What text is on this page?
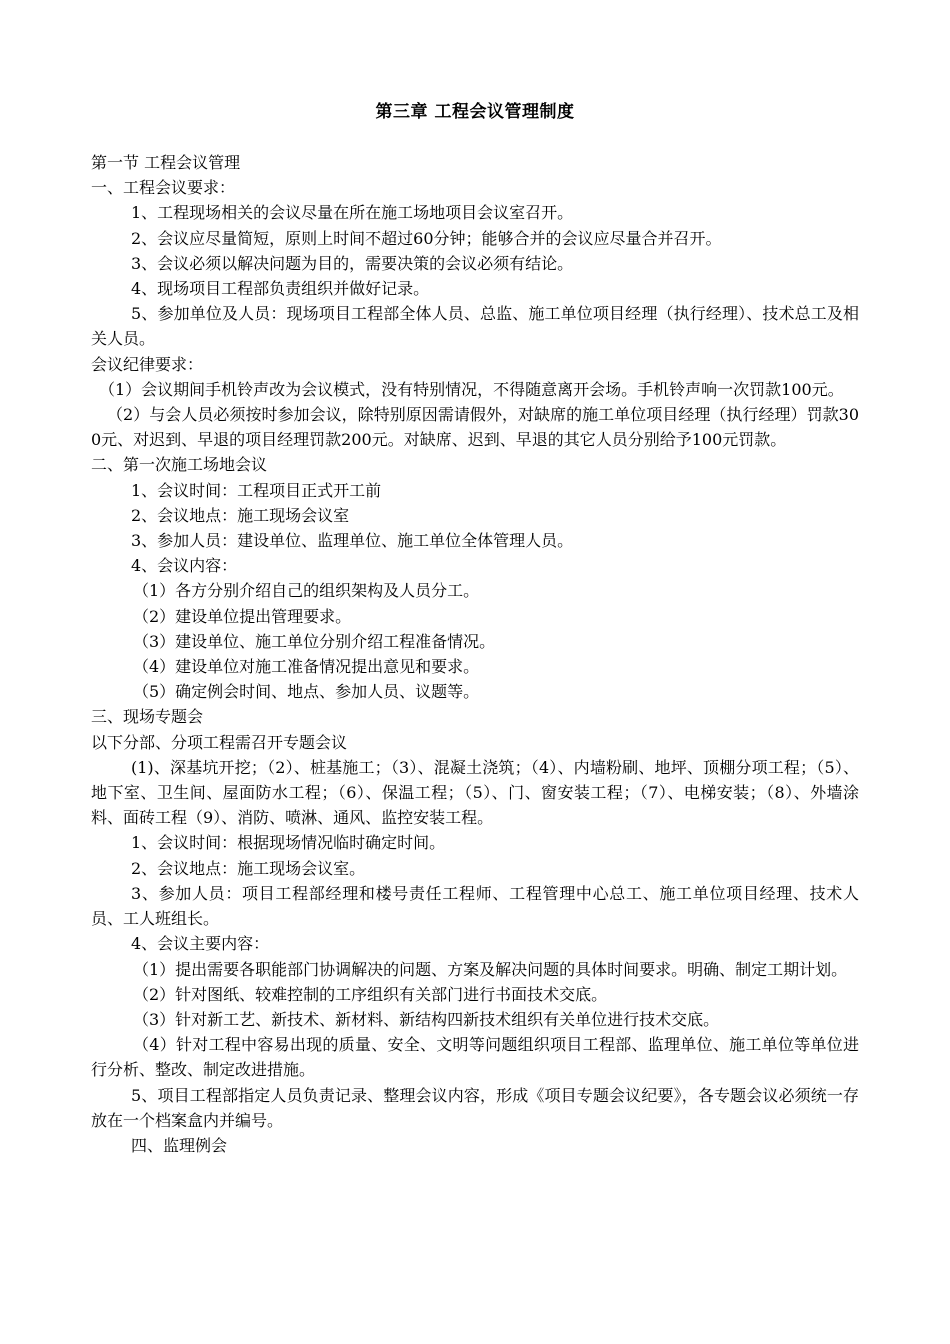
第三章 工程会议管理制度

第一节 工程会议管理

一、工程会议要求：

1、工程现场相关的会议尽量在所在施工场地项目会议室召开。

2、会议应尽量简短，原则上时间不超过60分钟；能够合并的会议应尽量合并召开。

3、会议必须以解决问题为目的，需要决策的会议必须有结论。

4、现场项目工程部负责组织并做好记录。

5、参加单位及人员：现场项目工程部全体人员、总监、施工单位项目经理（执行经理）、技术总工及相关人员。

会议纪律要求：

（1）会议期间手机铃声改为会议模式，没有特别情况，不得随意离开会场。手机铃声响一次罚款100元。

（2）与会人员必须按时参加会议，除特别原因需请假外，对缺席的施工单位项目经理（执行经理）罚款300元、对迟到、早退的项目经理罚款200元。对缺席、迟到、早退的其它人员分别给予100元罚款。

二、第一次施工场地会议

1、会议时间：工程项目正式开工前

2、会议地点：施工现场会议室

3、参加人员：建设单位、监理单位、施工单位全体管理人员。

4、会议内容：

（1）各方分别介绍自己的组织架构及人员分工。

（2）建设单位提出管理要求。

（3）建设单位、施工单位分别介绍工程准备情况。

（4）建设单位对施工准备情况提出意见和要求。

（5）确定例会时间、地点、参加人员、议题等。

三、现场专题会

以下分部、分项工程需召开专题会议

(1)、深基坑开挖；（2）、桩基施工；（3）、混凝土浇筑；（4）、内墙粉刷、地坪、顶棚分项工程；（5）、地下室、卫生间、屋面防水工程；（6）、保温工程；（5）、门、窗安装工程；（7）、电梯安装；（8）、外墙涂料、面砖工程（9）、消防、喷淋、通风、监控安装工程。

1、会议时间：根据现场情况临时确定时间。

2、会议地点：施工现场会议室。

3、参加人员：项目工程部经理和楼号责任工程师、工程管理中心总工、施工单位项目经理、技术人员、工人班组长。

4、会议主要内容：

（1）提出需要各职能部门协调解决的问题、方案及解决问题的具体时间要求。明确、制定工期计划。

（2）针对图纸、较难控制的工序组织有关部门进行书面技术交底。

（3）针对新工艺、新技术、新材料、新结构四新技术组织有关单位进行技术交底。

（4）针对工程中容易出现的质量、安全、文明等问题组织项目工程部、监理单位、施工单位等单位进行分析、整改、制定改进措施。

5、项目工程部指定人员负责记录、整理会议内容，形成《项目专题会议纪要》，各专题会议必须统一存放在一个档案盒内并编号。

四、监理例会
